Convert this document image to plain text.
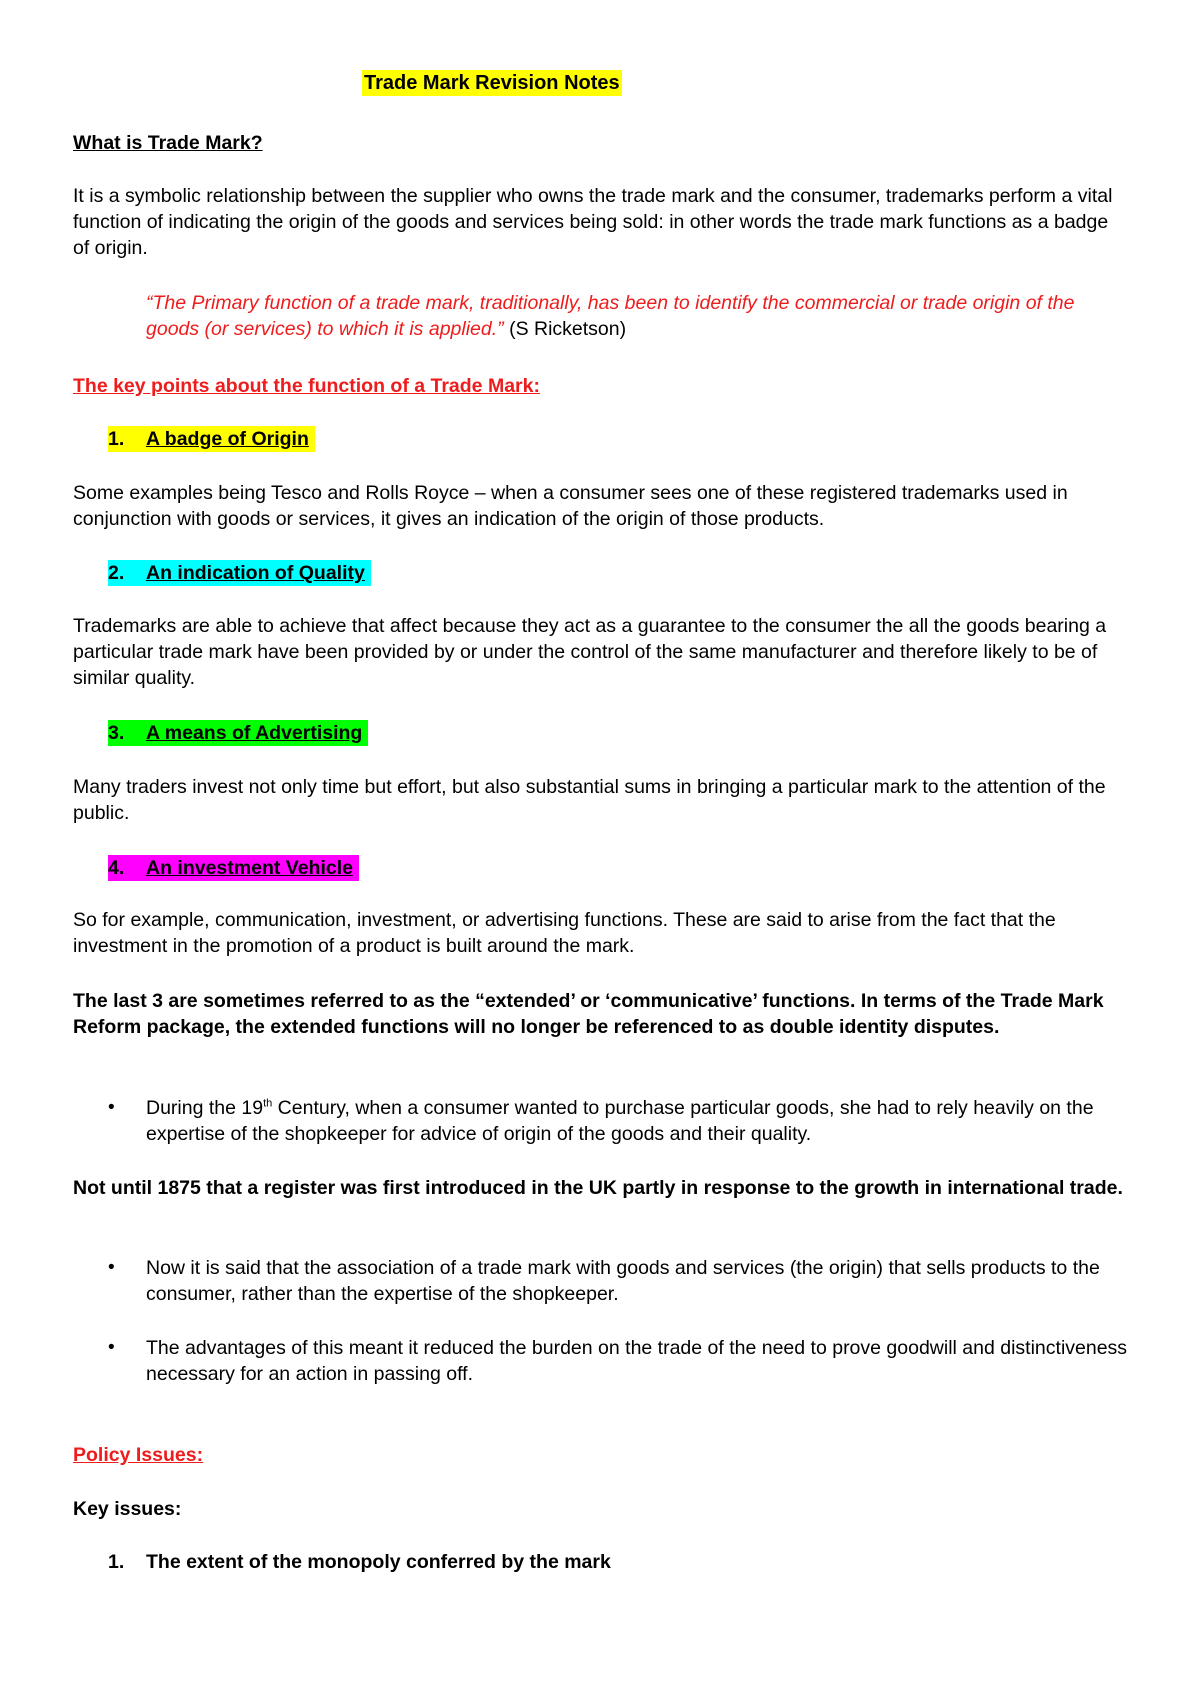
Trade Mark Revision Notes

What is Trade Mark?

It is a symbolic relationship between the supplier who owns the trade mark and the consumer, trademarks perform a vital function of indicating the origin of the goods and services being sold: in other words the trade mark functions as a badge of origin.

“The Primary function of a trade mark, traditionally, has been to identify the commercial or trade origin of the goods (or services) to which it is applied.” (S Ricketson)

The key points about the function of a Trade Mark:

1. A badge of Origin

Some examples being Tesco and Rolls Royce – when a consumer sees one of these registered trademarks used in conjunction with goods or services, it gives an indication of the origin of those products.

2. An indication of Quality

Trademarks are able to achieve that affect because they act as a guarantee to the consumer the all the goods bearing a particular trade mark have been provided by or under the control of the same manufacturer and therefore likely to be of similar quality.

3. A means of Advertising

Many traders invest not only time but effort, but also substantial sums in bringing a particular mark to the attention of the public.

4. An investment Vehicle

So for example, communication, investment, or advertising functions. These are said to arise from the fact that the investment in the promotion of a product is built around the mark.

The last 3 are sometimes referred to as the “extended’ or ‘communicative’ functions. In terms of the Trade Mark Reform package, the extended functions will no longer be referenced to as double identity disputes.

• During the 19th Century, when a consumer wanted to purchase particular goods, she had to rely heavily on the expertise of the shopkeeper for advice of origin of the goods and their quality.

Not until 1875 that a register was first introduced in the UK partly in response to the growth in international trade.

• Now it is said that the association of a trade mark with goods and services (the origin) that sells products to the consumer, rather than the expertise of the shopkeeper.
• The advantages of this meant it reduced the burden on the trade of the need to prove goodwill and distinctiveness necessary for an action in passing off.

Policy Issues:

Key issues:

1. The extent of the monopoly conferred by the mark
